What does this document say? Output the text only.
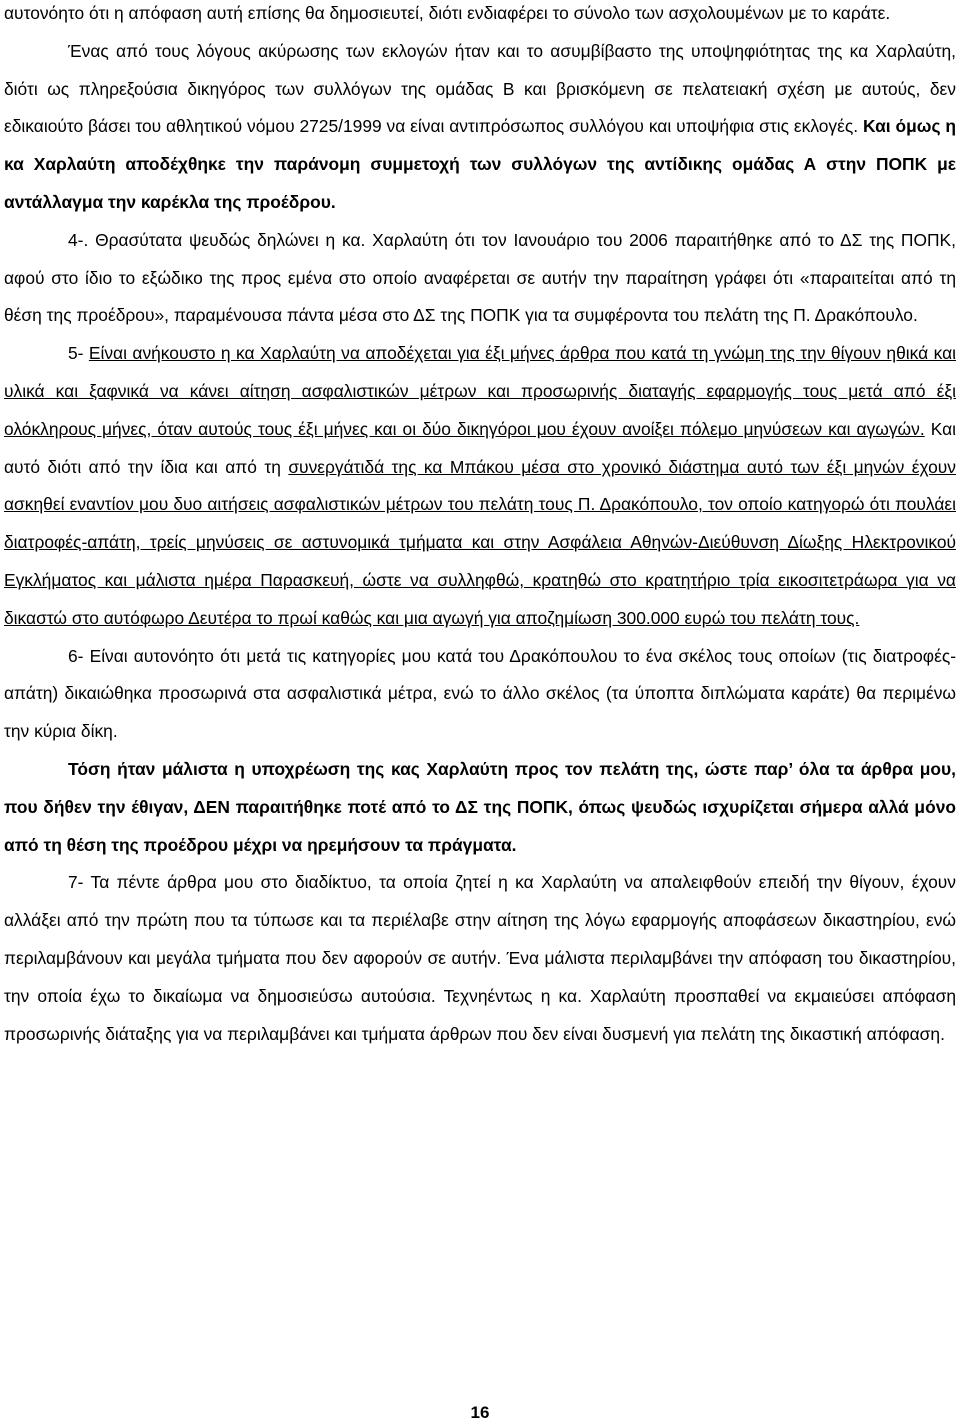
αυτονόητο ότι η απόφαση αυτή επίσης θα δημοσιευτεί, διότι ενδιαφέρει το σύνολο των ασχολουμένων με το καράτε.

Ένας από τους λόγους ακύρωσης των εκλογών ήταν και το ασυμβίβαστο της υποψηφιότητας της κα Χαρλαύτη, διότι ως πληρεξούσια δικηγόρος των συλλόγων της ομάδας Β και βρισκόμενη σε πελατειακή σχέση με αυτούς, δεν εδικαιούτο βάσει του αθλητικού νόμου 2725/1999 να είναι αντιπρόσωπος συλλόγου και υποψήφια στις εκλογές. Και όμως η κα Χαρλαύτη αποδέχθηκε την παράνομη συμμετοχή των συλλόγων της αντίδικης ομάδας Α στην ΠΟΠΚ με αντάλλαγμα την καρέκλα της προέδρου.

4-. Θρασύτατα ψευδώς δηλώνει η κα. Χαρλαύτη ότι τον Ιανουάριο του 2006 παραιτήθηκε από το ΔΣ της ΠΟΠΚ, αφού στο ίδιο το εξώδικο της προς εμένα στο οποίο αναφέρεται σε αυτήν την παραίτηση γράφει ότι «παραιτείται από τη θέση της προέδρου», παραμένουσα πάντα μέσα στο ΔΣ της ΠΟΠΚ για τα συμφέροντα του πελάτη της Π. Δρακόπουλο.

5- Είναι ανήκουστο η κα Χαρλαύτη να αποδέχεται για έξι μήνες άρθρα που κατά τη γνώμη της την θίγουν ηθικά και υλικά και ξαφνικά να κάνει αίτηση ασφαλιστικών μέτρων και προσωρινής διαταγής εφαρμογής τους μετά από έξι ολόκληρους μήνες, όταν αυτούς τους έξι μήνες και οι δύο δικηγόροι μου έχουν ανοίξει πόλεμο μηνύσεων και αγωγών. Και αυτό διότι από την ίδια και από τη συνεργάτιδά της κα Μπάκου μέσα στο χρονικό διάστημα αυτό των έξι μηνών έχουν ασκηθεί εναντίον μου δυο αιτήσεις ασφαλιστικών μέτρων του πελάτη τους Π. Δρακόπουλο, τον οποίο κατηγορώ ότι πουλάει διατροφές-απάτη, τρείς μηνύσεις σε αστυνομικά τμήματα και στην Ασφάλεια Αθηνών-Διεύθυνση Δίωξης Ηλεκτρονικού Εγκλήματος και μάλιστα ημέρα Παρασκευή, ώστε να συλληφθώ, κρατηθώ στο κρατητήριο τρία εικοσιτετράωρα για να δικαστώ στο αυτόφωρο Δευτέρα το πρωί καθώς και μια αγωγή για αποζημίωση 300.000 ευρώ του πελάτη τους.

6- Είναι αυτονόητο ότι μετά τις κατηγορίες μου κατά του Δρακόπουλου το ένα σκέλος τους οποίων (τις διατροφές-απάτη) δικαιώθηκα προσωρινά στα ασφαλιστικά μέτρα, ενώ το άλλο σκέλος (τα ύποπτα διπλώματα καράτε) θα περιμένω την κύρια δίκη.

Τόση ήταν μάλιστα η υποχρέωση της κας Χαρλαύτη προς τον πελάτη της, ώστε παρ’ όλα τα άρθρα μου, που δήθεν την έθιγαν, ΔΕΝ παραιτήθηκε ποτέ από το ΔΣ της ΠΟΠΚ, όπως ψευδώς ισχυρίζεται σήμερα αλλά μόνο από τη θέση της προέδρου μέχρι να ηρεμήσουν τα πράγματα.

7- Τα πέντε άρθρα μου στο διαδίκτυο, τα οποία ζητεί η κα Χαρλαύτη να απαλειφθούν επειδή την θίγουν, έχουν αλλάξει από την πρώτη που τα τύπωσε και τα περιέλαβε στην αίτηση της λόγω εφαρμογής αποφάσεων δικαστηρίου, ενώ περιλαμβάνουν και μεγάλα τμήματα που δεν αφορούν σε αυτήν. Ένα μάλιστα περιλαμβάνει την απόφαση του δικαστηρίου, την οποία έχω το δικαίωμα να δημοσιεύσω αυτούσια. Τεχνηέντως η κα. Χαρλαύτη προσπαθεί να εκμαιεύσει απόφαση προσωρινής διάταξης για να περιλαμβάνει και τμήματα άρθρων που δεν είναι δυσμενή για πελάτη της δικαστική απόφαση.

16
